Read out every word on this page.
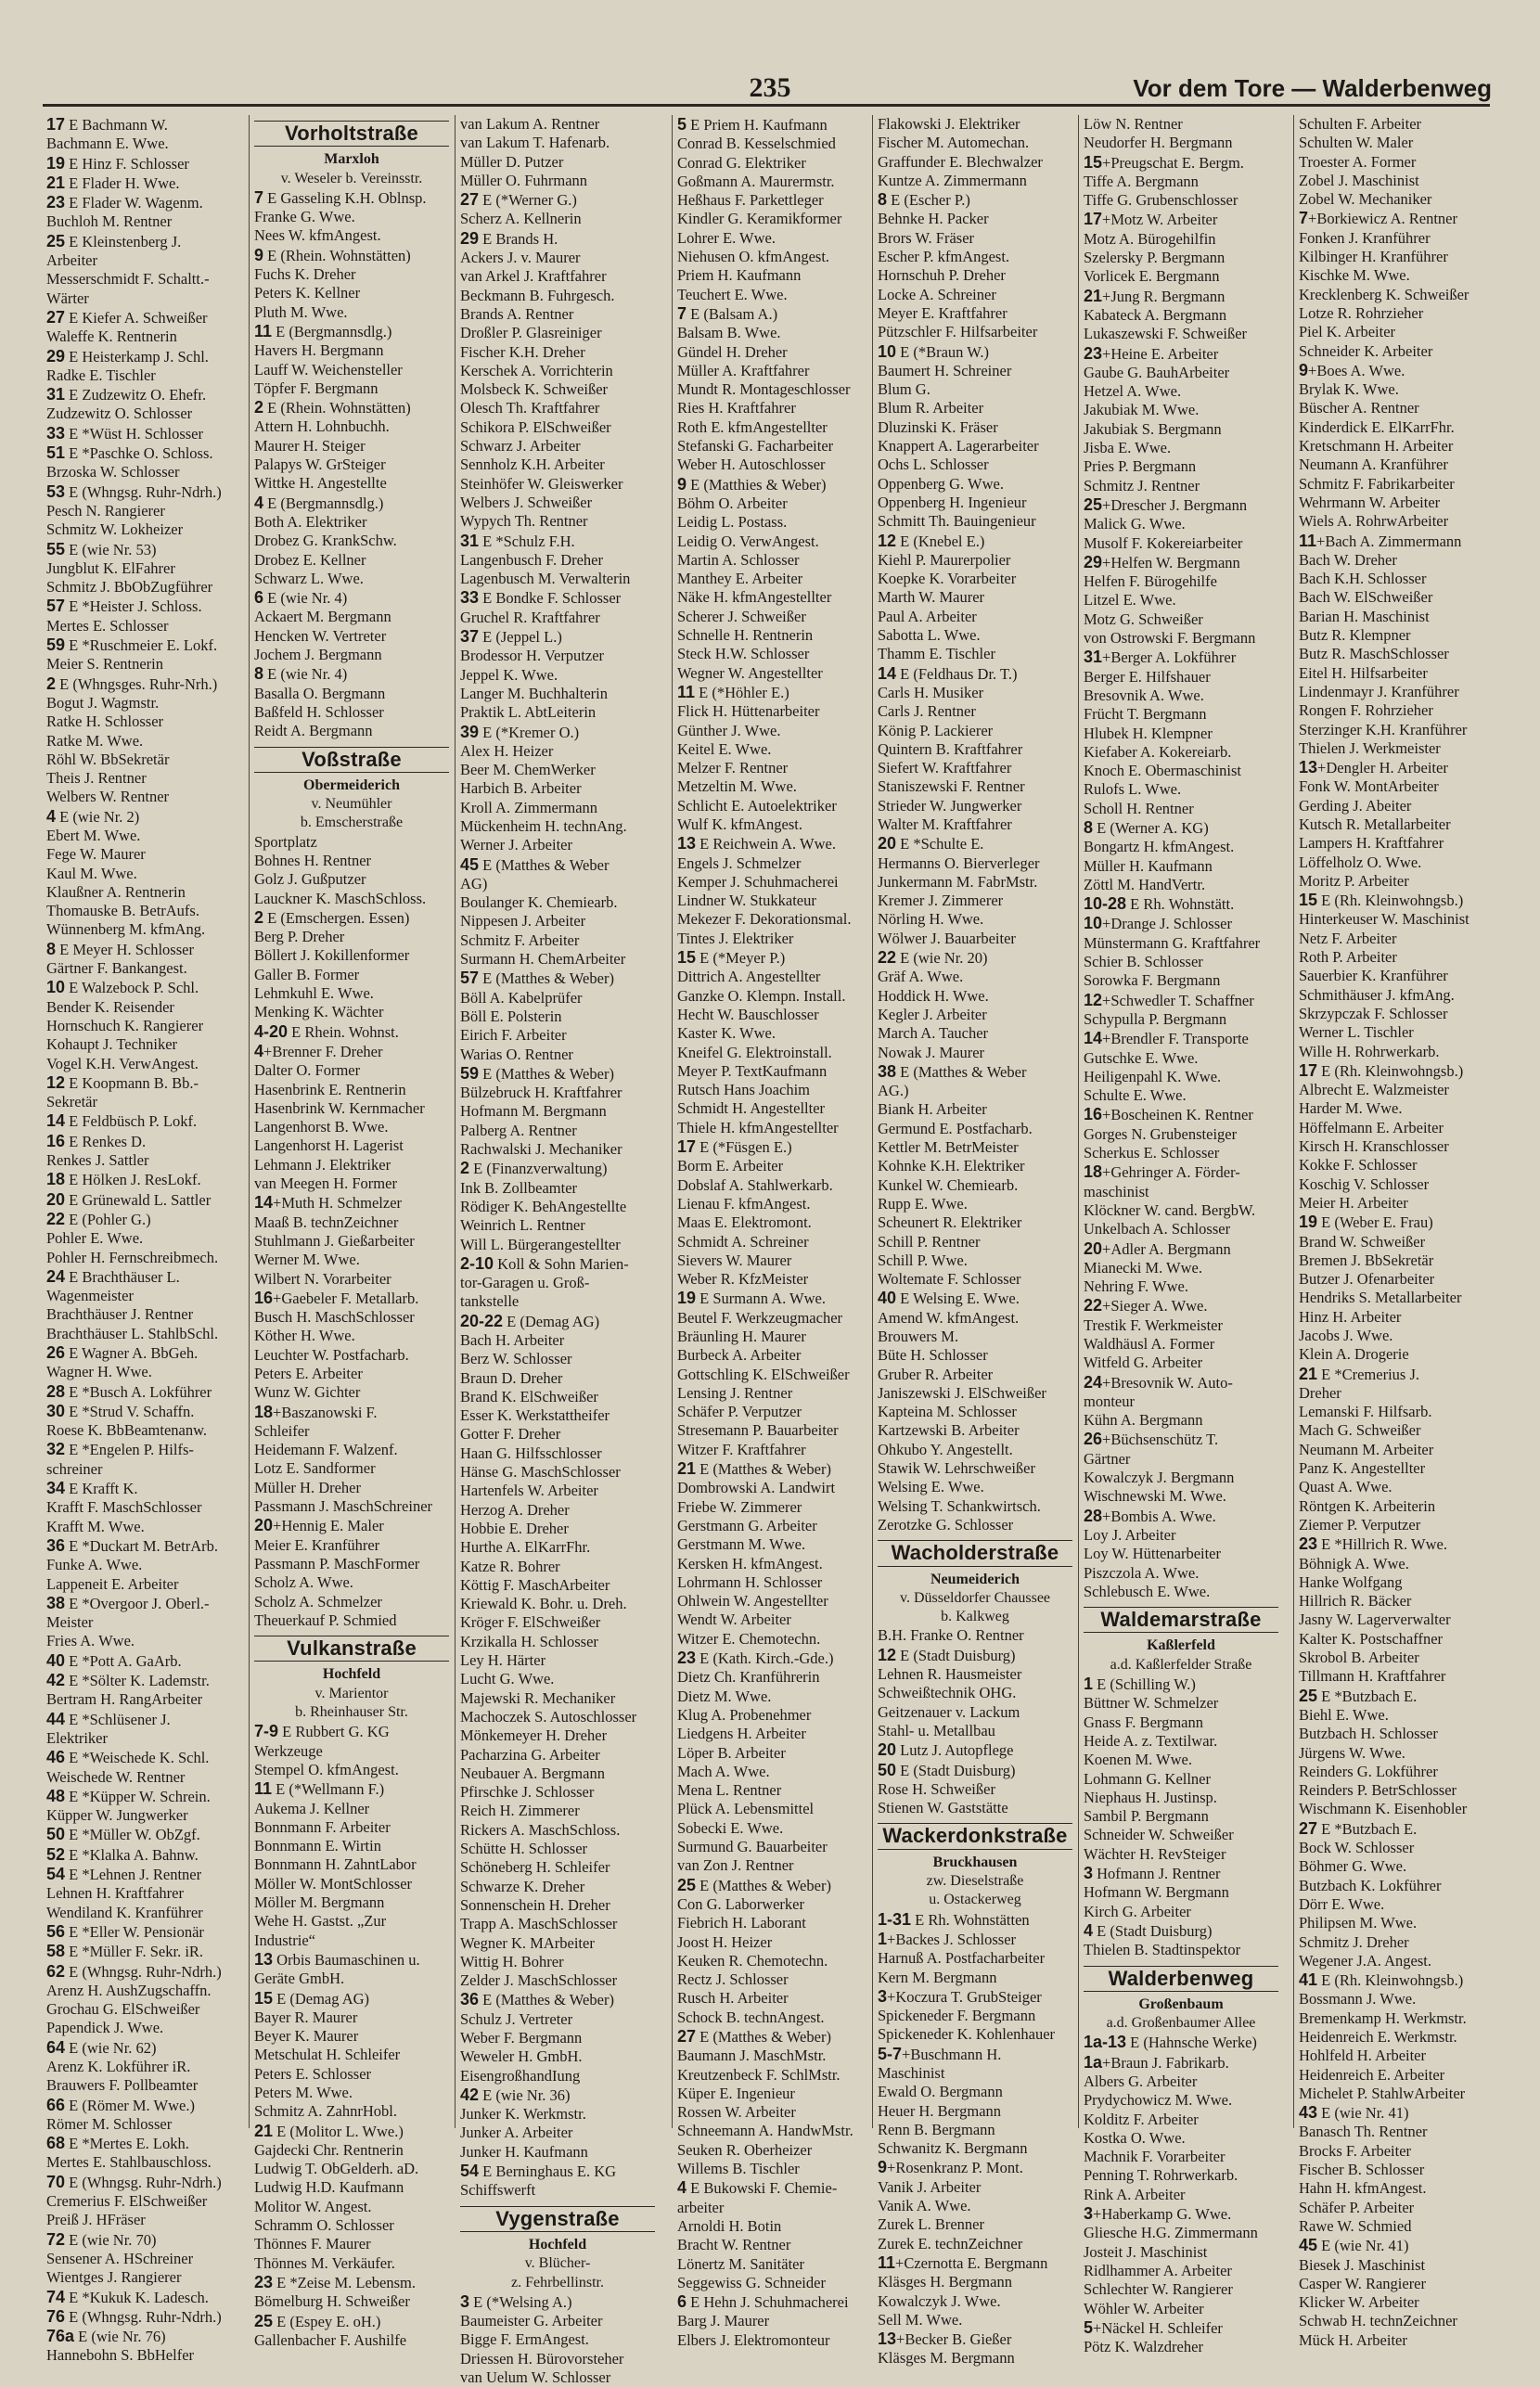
235	Vor dem Tore — Walderbenweg
17 E Bachmann W.
Bachmann E. Wwe.
19 E Hinz F. Schlosser
21 E Flader H. Wwe.
23 E Flader W. Wagenm.
Buchloh M. Rentner
25 E Kleinstenberg J.
Arbeiter
Messerschmidt F. Schaltt.-
Wärter
27 E Kiefer A. Schweißer
Waleffe K. Rentnerin
29 E Heisterkamp J. Schl.
Radke E. Tischler
31 E Zudzewitz O. Ehefr.
Zudzewitz O. Schlosser
33 E *Wüst H. Schlosser
51 E *Paschke O. Schloss.
Brzoska W. Schlosser
53 E (Whngsg. Ruhr-Ndrh.)
Pesch N. Rangierer
Schmitz W. Lokheizer
55 E (wie Nr. 53)
Jungblut K. ElFahrer
Schmitz J. BbObZugführer
57 E *Heister J. Schloss.
Mertes E. Schlosser
59 E *Ruschmeier E. Lokf.
Meier S. Rentnerin
2 E (Whngsges. Ruhr-Nrh.)
Bogut J. Wagmstr.
Ratke H. Schlosser
Ratke M. Wwe.
Röhl W. BbSekretär
Theis J. Rentner
Welbers W. Rentner
4 E (wie Nr. 2)
Ebert M. Wwe.
Fege W. Maurer
Kaul M. Wwe.
Klaußner A. Rentnerin
Thomauske B. BetrAufs.
Wünnenberg M. kfmAng.
8 E Meyer H. Schlosser
Gärtner F. Bankangest.
10 E Walzebock P. Schl.
Bender K. Reisender
Hornschuch K. Rangierer
Kohaupt J. Techniker
Vogel K.H. VerwAngest.
12 E Koopmann B. Bb.-
Sekretär
14 E Feldbüsch P. Lokf.
16 E Renkes D.
Renkes J. Sattler
18 E Hölken J. ResLokf.
20 E Grünewald L. Sattler
22 E (Pohler G.)
Pohler E. Wwe.
Pohler H. Fernschreibmech.
24 E Brachthäuser L.
Wagenmeister
Brachthäuser J. Rentner
Brachthäuser L. StahlbSchl.
26 E Wagner A. BbGeh.
Wagner H. Wwe.
28 E *Busch A. Lokführer
30 E *Strud V. Schaffn.
Roese K. BbBeamtenanw.
32 E *Engelen P. Hilfs-
schreiner
34 E Krafft K.
Krafft F. MaschSchlosser
Krafft M. Wwe.
36 E *Duckart M. BetrArb.
Funke A. Wwe.
Lappeneit E. Arbeiter
38 E *Overgoor J. Oberl.-
Meister
Fries A. Wwe.
40 E *Pott A. GaArb.
42 E *Sölter K. Lademstr.
Bertram H. RangArbeiter
44 E *Schlüsener J.
Elektriker
46 E *Weischede K. Schl.
Weischede W. Rentner
48 E *Küpper W. Schrein.
Küpper W. Jungwerker
50 E *Müller W. ObZgf.
52 E *Klalka A. Bahnw.
54 E *Lehnen J. Rentner
Lehnen H. Kraftfahrer
Wendiland K. Kranführer
56 E *Eller W. Pensionär
58 E *Müller F. Sekr. iR.
62 E (Whngsg. Ruhr-Ndrh.)
Arenz H. AushZugschaffn.
Grochau G. ElSchweißer
Papendick J. Wwe.
64 E (wie Nr. 62)
Arenz K. Lokführer iR.
Brauwers F. Pollbeamter
66 E (Römer M. Wwe.)
Römer M. Schlosser
68 E *Mertes E. Lokh.
Mertes E. Stahlbauschloss.
70 E (Whngsg. Ruhr-Ndrh.)
Cremerius F. ElSchweißer
Preiß J. HFräser
72 E (wie Nr. 70)
Sensener A. HSchreiner
Wientges J. Rangierer
74 E *Kukuk K. Ladesch.
76 E (Whngsg. Ruhr-Ndrh.)
76a E (wie Nr. 76)
Hannebohn S. BbHelfer
Vorholtstraße
Marxloh
v. Weseler b. Vereinsstr.
7 E Gasseling K.H. Oblnsp.
Franke G. Wwe.
Nees W. kfmAngest.
9 E (Rhein. Wohnstätten)
Fuchs K. Dreher
Peters K. Kellner
Pluth M. Wwe.
11 E (Bergmannsdlg.)
Havers H. Bergmann
Lauff W. Weichensteller
Töpfer F. Bergmann
2 E (Rhein. Wohnstätten)
Attern H. Lohnbuchh.
Maurer H. Steiger
Palapys W. GrSteiger
Wittke H. Angestellte
4 E (Bergmannsdlg.)
Both A. Elektriker
Drobez G. KrankSchw.
Drobez E. Kellner
Schwarz L. Wwe.
6 E (wie Nr. 4)
Ackaert M. Bergmann
Hencken W. Vertreter
Jochem J. Bergmann
8 E (wie Nr. 4)
Basalla O. Bergmann
Baßfeld H. Schlosser
Reidt A. Bergmann
Voßstraße
Obermeiderich
v. Neumühler
b. Emscherstraße
Sportplatz
Bohnes H. Rentner
Golz J. Gußputzer
Lauckner K. MaschSchloss.
2 E (Emschergen. Essen)
Berg P. Dreher
Böllert J. Kokillenformer
Galler B. Former
Lehmkuhl E. Wwe.
Menking K. Wächter
4-20 E Rhein. Wohnst.
4+Brenner F. Dreher
Dalter O. Former
Hasenbrink E. Rentnerin
Hasenbrink W. Kernmacher
Langenhorst B. Wwe.
Langenhorst H. Lagerist
Lehmann J. Elektriker
van Meegen H. Former
14+Muth H. Schmelzer
Maaß B. technZeichner
Stuhlmann J. Gießarbeiter
Werner M. Wwe.
Wilbert N. Vorarbeiter
16+Gaebeler F. Metallarb.
Busch H. MaschSchlosser
Köther H. Wwe.
Leuchter W. Postfacharb.
Peters E. Arbeiter
Wunz W. Gichter
18+Baszanowski F.
Schleifer
Heidemann F. Walzenf.
Lotz E. Sandformer
Müller H. Dreher
Passmann J. MaschSchreiner
20+Hennig E. Maler
Meier E. Kranführer
Passmann P. MaschFormer
Scholz A. Wwe.
Scholz A. Schmelzer
Theuerkauf P. Schmied
Vulkanstraße
Hochfeld
v. Marientor
b. Rheinhauser Str.
7-9 E Rubbert G. KG
Werkzeuge
Stempel O. kfmAngest.
11 E (*Wellmann F.)
Aukema J. Kellner
Bonnmann F. Arbeiter
Bonnmann E. Wirtin
Bonnmann H. ZahntLabor
Möller W. MontSchlosser
Möller M. Bergmann
Wehe H. Gastst. „Zur
Industrie“
13 Orbis Baumaschinen u.
Geräte GmbH.
15 E (Demag AG)
Bayer R. Maurer
Beyer K. Maurer
Metschulat H. Schleifer
Peters E. Schlosser
Peters M. Wwe.
Schmitz A. ZahnrHobl.
21 E (Molitor L. Wwe.)
Gajdecki Chr. Rentnerin
Ludwig T. ObGelderh. aD.
Ludwig H.D. Kaufmann
Molitor W. Angest.
Schramm O. Schlosser
Thönnes F. Maurer
Thönnes M. Verkäufer.
23 E *Zeise M. Lebensm.
Bömelburg H. Schweißer
25 E (Espey E. oH.)
Gallenbacher F. Aushilfe
van Lakum A. Rentner
van Lakum T. Hafenarb.
Müller D. Putzer
Müller O. Fuhrmann
27 E (*Werner G.)
Scherz A. Kellnerin
29 E Brands H.
Ackers J. v. Maurer
van Arkel J. Kraftfahrer
Beckmann B. Fuhrgesch.
Brands A. Rentner
Droßler P. Glasreiniger
Fischer K.H. Dreher
Kerschek A. Vorrichterin
Molsbeck K. Schweißer
Olesch Th. Kraftfahrer
Schikora P. ElSchweißer
Schwarz J. Arbeiter
Sennholz K.H. Arbeiter
Steinhöfer W. Gleiswerker
Welbers J. Schweißer
Wypych Th. Rentner
31 E *Schulz F.H.
Langenbusch F. Dreher
Lagenbusch M. Verwalterin
33 E Bondke F. Schlosser
Gruchel R. Kraftfahrer
37 E (Jeppel L.)
Brodessor H. Verputzer
Jeppel K. Wwe.
Langer M. Buchhalterin
Praktik L. AbtLeiterin
39 E (*Kremer O.)
Alex H. Heizer
Beer M. ChemWerker
Harbich B. Arbeiter
Kroll A. Zimmermann
Mückenheim H. technAng.
Werner J. Arbeiter
45 E (Matthes & Weber
AG)
Boulanger K. Chemiearb.
Nippesen J. Arbeiter
Schmitz F. Arbeiter
Surmann H. ChemArbeiter
57 E (Matthes & Weber)
Böll A. Kabelprüfer
Böll E. Polsterin
Eirich F. Arbeiter
Warias O. Rentner
59 E (Matthes & Weber)
Bülzebruck H. Kraftfahrer
Hofmann M. Bergmann
Palberg A. Rentner
Rachwalski J. Mechaniker
2 E (Finanzverwaltung)
Ink B. Zollbeamter
Rödiger K. BehAngestellte
Weinrich L. Rentner
Will L. Bürgerangestellter
2-10 Koll & Sohn Marien-
tor-Garagen u. Groß-
tankstelle
20-22 E (Demag AG)
Bach H. Arbeiter
Berz W. Schlosser
Braun D. Dreher
Brand K. ElSchweißer
Esser K. Werkstattheifer
Gotter F. Dreher
Haan G. Hilfsschlosser
Hänse G. MaschSchlosser
Hartenfels W. Arbeiter
Herzog A. Dreher
Hobbie E. Dreher
Hurthe A. ElKarrFhr.
Katze R. Bohrer
Köttig F. MaschArbeiter
Kriewald K. Bohr. u. Dreh.
Kröger F. ElSchweißer
Krzikalla H. Schlosser
Ley H. Härter
Lucht G. Wwe.
Majewski R. Mechaniker
Machoczek S. Autoschlosser
Mönkemeyer H. Dreher
Pacharzina G. Arbeiter
Neubauer A. Bergmann
Pfirschke J. Schlosser
Reich H. Zimmerer
Rickers A. MaschSchloss.
Schütte H. Schlosser
Schöneberg H. Schleifer
Schwarze K. Dreher
Sonnenschein H. Dreher
Trapp A. MaschSchlosser
Wegner K. MArbeiter
Wittig H. Bohrer
Zelder J. MaschSchlosser
36 E (Matthes & Weber)
Schulz J. Vertreter
Weber F. Bergmann
Weweler H. GmbH.
EisengroßhandIung
42 E (wie Nr. 36)
Junker K. Werkmstr.
Junker A. Arbeiter
Junker H. Kaufmann
54 E Berninghaus E. KG
Schiffswerft
Vygenstraße
Hochfeld
v. Blücher-
z. Fehrbellinstr.
3 E (*Welsing A.)
Baumeister G. Arbeiter
Bigge F. ErmAngest.
Driessen H. Bürovorsteher
van Uelum W. Schlosser
5 E Priem H. Kaufmann
Conrad B. Kesselschmied
Conrad G. Elektriker
Goßmann A. Maurermstr.
Heßhaus F. Parkettleger
Kindler G. Keramikformer
Lohrer E. Wwe.
Niehusen O. kfmAngest.
Priem H. Kaufmann
Teuchert E. Wwe.
7 E (Balsam A.)
Balsam B. Wwe.
Gündel H. Dreher
Müller A. Kraftfahrer
Mundt R. Montageschlosser
Ries H. Kraftfahrer
Roth E. kfmAngestellter
Stefanski G. Facharbeiter
Weber H. Autoschlosser
9 E (Matthies & Weber)
Böhm O. Arbeiter
Leidig L. Postass.
Leidig O. VerwAngest.
Martin A. Schlosser
Manthey E. Arbeiter
Näke H. kfmAngestellter
Scherer J. Schweißer
Schnelle H. Rentnerin
Steck H.W. Schlosser
Wegner W. Angestellter
11 E (*Höhler E.)
Flick H. Hüttenarbeiter
Günther J. Wwe.
Keitel E. Wwe.
Melzer F. Rentner
Metzeltin M. Wwe.
Schlicht E. Autoelektriker
Wulf K. kfmAngest.
13 E Reichwein A. Wwe.
Engels J. Schmelzer
Kemper J. Schuhmacherei
Lindner W. Stukkateur
Mekezer F. Dekorationsmal.
Tintes J. Elektriker
15 E (*Meyer P.)
Dittrich A. Angestellter
Ganzke O. Klempn. Install.
Hecht W. Bauschlosser
Kaster K. Wwe.
Kneifel G. Elektroinstall.
Meyer P. TextKaufmann
Rutsch Hans Joachim
Schmidt H. Angestellter
Thiele H. kfmAngestellter
17 E (*Füsgen E.)
Borm E. Arbeiter
Dobslaf A. Stahlwerkarb.
Lienau F. kfmAngest.
Maas E. Elektromont.
Schmidt A. Schreiner
Sievers W. Maurer
Weber R. KfzMeister
19 E Surmann A. Wwe.
Beutel F. Werkzeugmacher
Bräunling H. Maurer
Burbeck A. Arbeiter
Gottschling K. ElSchweißer
Lensing J. Rentner
Schäfer P. Verputzer
Stresemann P. Bauarbeiter
Witzer F. Kraftfahrer
21 E (Matthes & Weber)
Dombrowski A. Landwirt
Friebe W. Zimmerer
Gerstmann G. Arbeiter
Gerstmann M. Wwe.
Kersken H. kfmAngest.
Lohrmann H. Schlosser
Ohlwein W. Angestellter
Wendt W. Arbeiter
Witzer E. Chemotechn.
23 E (Kath. Kirch.-Gde.)
Dietz Ch. Kranführerin
Dietz M. Wwe.
Klug A. Probenehmer
Liedgens H. Arbeiter
Löper B. Arbeiter
Mach A. Wwe.
Mena L. Rentner
Plück A. Lebensmittel
Sobecki E. Wwe.
Surmund G. Bauarbeiter
van Zon J. Rentner
25 E (Matthes & Weber)
Con G. Laborwerker
Fiebrich H. Laborant
Joost H. Heizer
Keuken R. Chemotechn.
Rectz J. Schlosser
Rusch H. Arbeiter
Schock B. technAngest.
27 E (Matthes & Weber)
Baumann J. MaschMstr.
Kreutzenbeck F. SchlMstr.
Küper E. Ingenieur
Rossen W. Arbeiter
Schneemann A. HandwMstr.
Seuken R. Oberheizer
Willems B. Tischler
4 E Bukowski F. Chemie-
arbeiter
Arnoldi H. Botin
Bracht W. Rentner
Lönertz M. Sanitäter
Seggewiss G. Schneider
6 E Hehn J. Schuhmacherei
Barg J. Maurer
Elbers J. Elektromonteur
Flakowski J. Elektriker
Fischer M. Automechan.
Graffunder E. Blechwalzer
Kuntze A. Zimmermann
8 E (Escher P.)
Behnke H. Packer
Brors W. Fräser
Escher P. kfmAngest.
Hornschuh P. Dreher
Locke A. Schreiner
Meyer E. Kraftfahrer
Pützschler F. Hilfsarbeiter
10 E (*Braun W.)
Baumert H. Schreiner
Blum G.
Blum R. Arbeiter
Dluzinski K. Fräser
Knappert A. Lagerarbeiter
Ochs L. Schlosser
Oppenberg G. Wwe.
Oppenberg H. Ingenieur
Schmitt Th. Bauingenieur
12 E (Knebel E.)
Kiehl P. Maurerpolier
Koepke K. Vorarbeiter
Marth W. Maurer
Paul A. Arbeiter
Sabotta L. Wwe.
Thamm E. Tischler
14 E (Feldhaus Dr. T.)
Carls H. Musiker
Carls J. Rentner
König P. Lackierer
Quintern B. Kraftfahrer
Siefert W. Kraftfahrer
Staniszewski F. Rentner
Strieder W. Jungwerker
Walter M. Kraftfahrer
20 E *Schulte E.
Hermanns O. Bierverleger
Junkermann M. FabrMstr.
Kremer J. Zimmerer
Nörling H. Wwe.
Wölwer J. Bauarbeiter
22 E (wie Nr. 20)
Gräf A. Wwe.
Hoddick H. Wwe.
Kegler J. Arbeiter
March A. Taucher
Nowak J. Maurer
38 E (Matthes & Weber
AG.)
Biank H. Arbeiter
Germund E. Postfacharb.
Kettler M. BetrMeister
Kohnke K.H. Elektriker
Kunkel W. Chemiearb.
Rupp E. Wwe.
Scheunert R. Elektriker
Schill P. Rentner
Schill P. Wwe.
Woltemate F. Schlosser
40 E Welsing E. Wwe.
Amend W. kfmAngest.
Brouwers M.
Büte H. Schlosser
Gruber R. Arbeiter
Janiszewski J. ElSchweißer
Kapteina M. Schlosser
Kartzewski B. Arbeiter
Ohkubo Y. Angestellt.
Stawik W. Lehrschweißer
Welsing E. Wwe.
Welsing T. Schankwirtsch.
Zerotzke G. Schlosser
Wacholderstraße
Neumeiderich
v. Düsseldorfer Chaussee
b. Kalkweg
B.H. Franke O. Rentner
12 E (Stadt Duisburg)
Lehnen R. Hausmeister
Schweißtechnik OHG.
Geitzenauer v. Lackum
Stahl- u. Metallbau
20 Lutz J. Autopflege
50 E (Stadt Duisburg)
Rose H. Schweißer
Stienen W. Gaststätte
Wackerdonkstraße
Bruckhausen
zw. Dieselstraße
u. Ostackerweg
1-31 E Rh. Wohnstätten
1+Backes J. Schlosser
Harnuß A. Postfacharbeiter
Kern M. Bergmann
3+Koczura T. GrubSteiger
Spickeneder F. Bergmann
Spickeneder K. Kohlenhauer
5-7+Buschmann H.
Maschinist
Ewald O. Bergmann
Heuer H. Bergmann
Renn B. Bergmann
Schwanitz K. Bergmann
9+Rosenkranz P. Mont.
Vanik J. Arbeiter
Vanik A. Wwe.
Zurek L. Brenner
Zurek E. technZeichner
11+Czernotta E. Bergmann
Kläsges H. Bergmann
Kowalczyk J. Wwe.
Sell M. Wwe.
13+Becker B. Gießer
Kläsges M. Bergmann
Löw N. Rentner
Neudorfer H. Bergmann
15+Preugschat E. Bergm.
Tiffe A. Bergmann
Tiffe G. Grubenschlosser
17+Motz W. Arbeiter
Motz A. Bürogehilfin
Szelersky P. Bergmann
Vorlicek E. Bergmann
21+Jung R. Bergmann
Kabateck A. Bergmann
Lukaszewski F. Schweißer
23+Heine E. Arbeiter
Gaube G. BauhArbeiter
Hetzel A. Wwe.
Jakubiak M. Wwe.
Jakubiak S. Bergmann
Jisba E. Wwe.
Pries P. Bergmann
Schmitz J. Rentner
25+Drescher J. Bergmann
Malick G. Wwe.
Musolf F. Kokereiarbeiter
29+Helfen W. Bergmann
Helfen F. Bürogehilfe
Litzel E. Wwe.
Motz G. Schweißer
von Ostrowski F. Bergmann
31+Berger A. Lokführer
Berger E. Hilfshauer
Bresovnik A. Wwe.
Frücht T. Bergmann
Hlubek H. Klempner
Kiefaber A. Kokereiarb.
Knoch E. Obermaschinist
Rulofs L. Wwe.
Scholl H. Rentner
8 E (Werner A. KG)
Bongartz H. kfmAngest.
Müller H. Kaufmann
Zöttl M. HandVertr.
10-28 E Rh. Wohnstätt.
10+Drange J. Schlosser
Münstermann G. Kraftfahrer
Schier B. Schlosser
Sorowka F. Bergmann
12+Schwedler T. Schaffner
Schypulla P. Bergmann
14+Brendler F. Transporte
Gutschke E. Wwe.
Heiligenpahl K. Wwe.
Schulte E. Wwe.
16+Boscheinen K. Rentner
Gorges N. Grubensteiger
Scherkus E. Schlosser
18+Gehringer A. Förder-
maschinist
Klöckner W. cand. BergbW.
Unkelbach A. Schlosser
20+Adler A. Bergmann
Mianecki M. Wwe.
Nehring F. Wwe.
22+Sieger A. Wwe.
Trestik F. Werkmeister
Waldhäusl A. Former
Witfeld G. Arbeiter
24+Bresovnik W. Auto-
monteur
Kühn A. Bergmann
26+Büchsenschütz T.
Gärtner
Kowalczyk J. Bergmann
Wischnewski M. Wwe.
28+Bombis A. Wwe.
Loy J. Arbeiter
Loy W. Hüttenarbeiter
Piszczola A. Wwe.
Schlebusch E. Wwe.
Waldemarstraße
Kaßlerfeld
a.d. Kaßlerfelder Straße
1 E (Schilling W.)
Büttner W. Schmelzer
Gnass F. Bergmann
Heide A. z. Textilwar.
Koenen M. Wwe.
Lohmann G. Kellner
Niephaus H. Justinsp.
Sambil P. Bergmann
Schneider W. Schweißer
Wächter H. RevSteiger
3 Hofmann J. Rentner
Hofmann W. Bergmann
Kirch G. Arbeiter
4 E (Stadt Duisburg)
Thielen B. Stadtinspektor
Walderbenweg
Großenbaum
a.d. Großenbaumer Allee
1a-13 E (Hahnsche Werke)
1a+Braun J. Fabrikarb.
Albers G. Arbeiter
Prydychowicz M. Wwe.
Kolditz F. Arbeiter
Kostka O. Wwe.
Machnik F. Vorarbeiter
Penning T. Rohrwerkarb.
Rink A. Arbeiter
3+Haberkamp G. Wwe.
Gliesche H.G. Zimmermann
Josteit J. Maschinist
Ridlhammer A. Arbeiter
Schlechter W. Rangierer
Wöhler W. Arbeiter
5+Näckel H. Schleifer
Pötz K. Walzdreher
Schulten F. Arbeiter
Schulten W. Maler
Troester A. Former
Zobel J. Maschinist
Zobel W. Mechaniker
7+Borkiewicz A. Rentner
Fonken J. Kranführer
Kilbinger H. Kranführer
Kischke M. Wwe.
Krecklenberg K. Schweißer
Lotze R. Rohrzieher
Piel K. Arbeiter
Schneider K. Arbeiter
9+Boes A. Wwe.
Brylak K. Wwe.
Büscher A. Rentner
Kinderdick E. ElKarrFhr.
Kretschmann H. Arbeiter
Neumann A. Kranführer
Schmitz F. Fabrikarbeiter
Wehrmann W. Arbeiter
Wiels A. RohrwArbeiter
11+Bach A. Zimmermann
Bach W. Dreher
Bach K.H. Schlosser
Bach W. ElSchweißer
Barian H. Maschinist
Butz R. Klempner
Butz R. MaschSchlosser
Eitel H. Hilfsarbeiter
Lindenmayr J. Kranführer
Rongen F. Rohrzieher
Sterzinger K.H. Kranführer
Thielen J. Werkmeister
13+Dengler H. Arbeiter
Fonk W. MontArbeiter
Gerding J. Abeiter
Kutsch R. Metallarbeiter
Lampers H. Kraftfahrer
Löffelholz O. Wwe.
Moritz P. Arbeiter
15 E (Rh. Kleinwohngsb.)
Hinterkeuser W. Maschinist
Netz F. Arbeiter
Roth P. Arbeiter
Sauerbier K. Kranführer
Schmithäuser J. kfmAng.
Skrzypczak F. Schlosser
Werner L. Tischler
Wille H. Rohrwerkarb.
17 E (Rh. Kleinwohngsb.)
Albrecht E. Walzmeister
Harder M. Wwe.
Höffelmann E. Arbeiter
Kirsch H. Kranschlosser
Kokke F. Schlosser
Koschig V. Schlosser
Meier H. Arbeiter
19 E (Weber E. Frau)
Brand W. Schweißer
Bremen J. BbSekretär
Butzer J. Ofenarbeiter
Hendriks S. Metallarbeiter
Hinz H. Arbeiter
Jacobs J. Wwe.
Klein A. Drogerie
21 E *Cremerius J.
Dreher
Lemanski F. Hilfsarb.
Mach G. Schweißer
Neumann M. Arbeiter
Panz K. Angestellter
Quast A. Wwe.
Röntgen K. Arbeiterin
Ziemer P. Verputzer
23 E *Hillrich R. Wwe.
Böhnigk A. Wwe.
Hanke Wolfgang
Hillrich R. Bäcker
Jasny W. Lagerverwalter
Kalter K. Postschaffner
Skrobol B. Arbeiter
Tillmann H. Kraftfahrer
25 E *Butzbach E.
Biehl E. Wwe.
Butzbach H. Schlosser
Jürgens W. Wwe.
Reinders G. Lokführer
Reinders P. BetrSchlosser
Wischmann K. Eisenhobler
27 E *Butzbach E.
Bock W. Schlosser
Böhmer G. Wwe.
Butzbach K. Lokführer
Dörr E. Wwe.
Philipsen M. Wwe.
Schmitz J. Dreher
Wegener J.A. Angest.
41 E (Rh. Kleinwohngsb.)
Bossmann J. Wwe.
Bremenkamp H. Werkmstr.
Heidenreich E. Werkmstr.
Hohlfeld H. Arbeiter
Heidenreich E. Arbeiter
Michelet P. StahlwArbeiter
43 E (wie Nr. 41)
Banasch Th. Rentner
Brocks F. Arbeiter
Fischer B. Schlosser
Hahn H. kfmAngest.
Schäfer P. Arbeiter
Rawe W. Schmied
45 E (wie Nr. 41)
Biesek J. Maschinist
Casper W. Rangierer
Klicker W. Arbeiter
Schwab H. technZeichner
Mück H. Arbeiter
